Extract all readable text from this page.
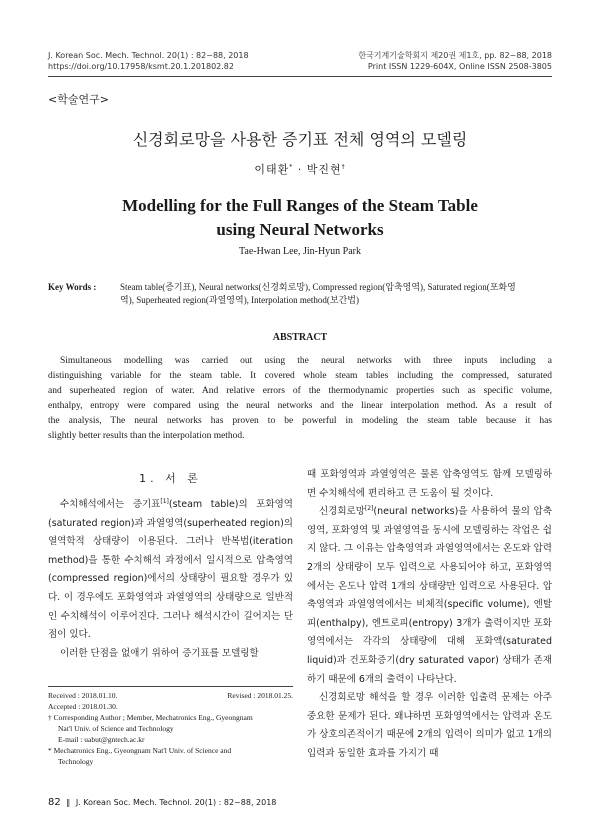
J. Korean Soc. Mech. Technol. 20(1) : 82~88, 2018
https://doi.org/10.17958/ksmt.20.1.201802.82
한국기계기술학회지 제20권 제1호, pp. 82~88, 2018
Print ISSN 1229-604X, Online ISSN 2508-3805
<학술연구>
신경회로망을 사용한 증기표 전체 영역의 모델링
이태환* · 박진현†
Modelling for the Full Ranges of the Steam Table
using Neural Networks
Tae-Hwan Lee, Jin-Hyun Park
Key Words :	Steam table(증기표), Neural networks(신경회로망), Compressed region(압축영역), Saturated region(포화영
역), Superheated region(과열영역), Interpolation method(보간법)
ABSTRACT
Simultaneous modelling was carried out using the neural networks with three inputs including a
distinguishing variable for the steam table. It covered whole steam tables including the compressed, saturated
and superheated region of water. And relative errors of the thermodynamic properties such as specific volume,
enthalpy, entropy were compared using the neural networks and the linear interpolation method. As a result of
the analysis, The neural networks has proven to be powerful in modeling the steam table because it has
slightly better results than the interpolation method.
1. 서 론

수치해석에서는 증기표[1](steam table)의 포화영역(saturated region)과 과열영역(superheated region)의 열역학적 상태량이 이용된다. 그러나 반복법(iteration method)을 통한 수치해석 과정에서 일시적으로 압축영역(compressed region)에서의 상태량이 필요할 경우가 있다. 이 경우에도 포화영역과 과열영역의 상태량으로 일반적인 수치해석이 이루어진다. 그러나 해석시간이 길어지는 단점이 있다.

이러한 단점을 없애기 위하여 증기표를 모델링할

Received : 2018.01.10.	Revised : 2018.01.25.
Accepted : 2018.01.30.
† Corresponding Author ; Member, Mechatronics Eng., Gyeongnam
Nat'l Univ. of Science and Technology
E-mail : uabut@gntech.ac.kr
* Mechatronics Eng., Gyeongnam Nat'l Univ. of Science and
Technology

때 포화영역과 과열영역은 물론 압축영역도 함께 모델링하면 수치해석에 편리하고 큰 도움이 될 것이다.

신경회로망[2](neural networks)을 사용하여 물의 압축영역, 포화영역 및 과열영역을 동시에 모델링하는 작업은 쉽지 않다. 그 이유는 압축영역과 과열영역에서는 온도와 압력 2개의 상태량이 모두 입력으로 사용되어야 하고, 포화영역에서는 온도나 압력 1개의 상태량만 입력으로 사용된다. 압축영역과 과열영역에서는 비체적(specific volume), 엔탈피(enthalpy), 엔트로피(entropy) 3개가 출력이지만 포화영역에서는 각각의 상태량에 대해 포화액(saturated liquid)과 건포화증기(dry saturated vapor) 상태가 존재하기 때문에 6개의 출력이 나타난다.

신경회로망 해석을 할 경우 이러한 입출력 문제는 아주 중요한 문제가 된다. 왜냐하면 포화영역에서는 압력과 온도가 상호의존적이기 때문에 2개의 입력이 의미가 없고 1개의 입력과 동일한 효과를 가지기 때

82 ‖ J. Korean Soc. Mech. Technol. 20(1) : 82~88, 2018
